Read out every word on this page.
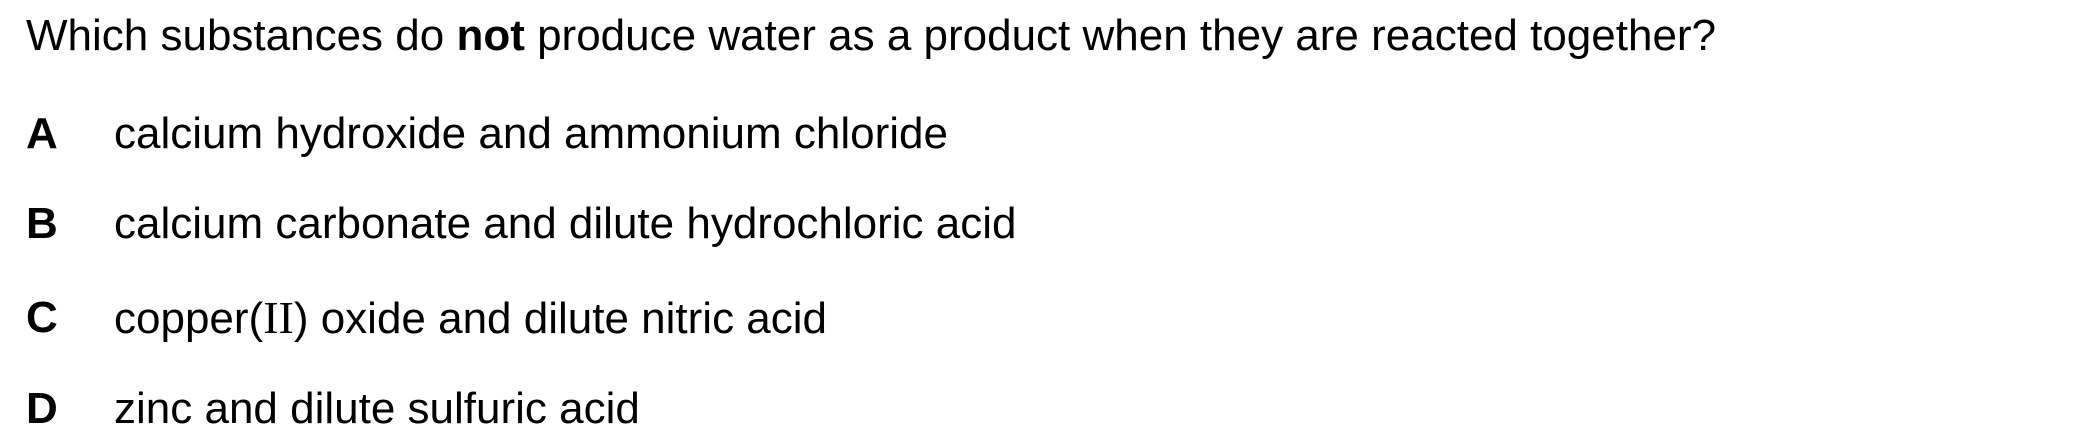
Which substances do not produce water as a product when they are reacted together?
A calcium hydroxide and ammonium chloride
B calcium carbonate and dilute hydrochloric acid
C copper(II) oxide and dilute nitric acid
D zinc and dilute sulfuric acid
